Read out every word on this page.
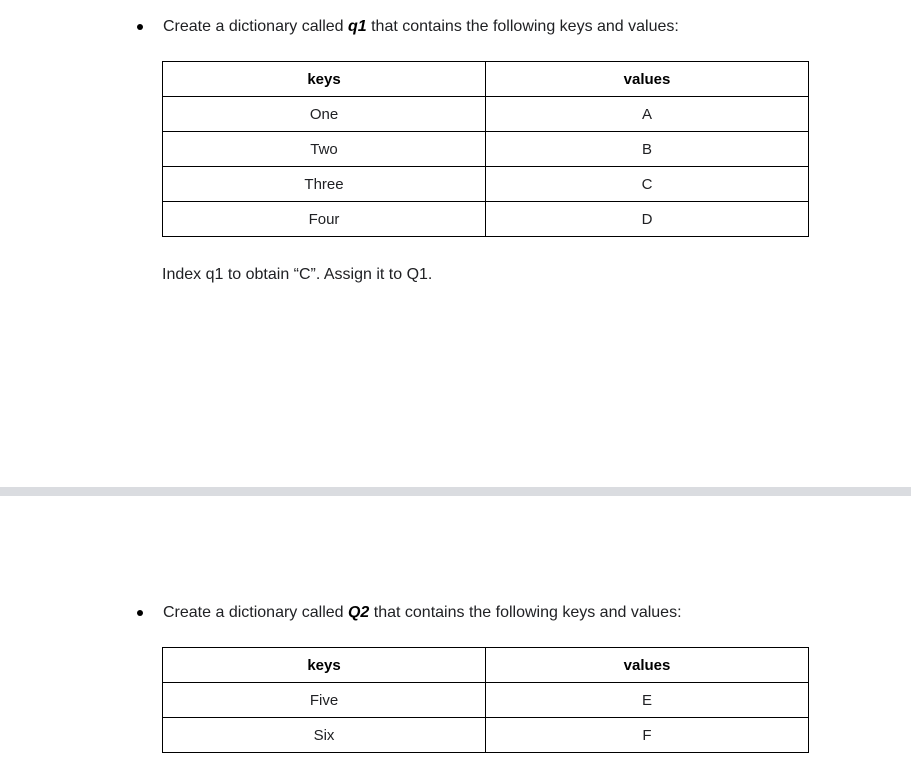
Create a dictionary called q1 that contains the following keys and values:
keys	values
One	A
Two	B
Three	C
Four	D
Index q1 to obtain “C”. Assign it to Q1.
Create a dictionary called Q2 that contains the following keys and values:
keys	values
Five	E
Six	F
